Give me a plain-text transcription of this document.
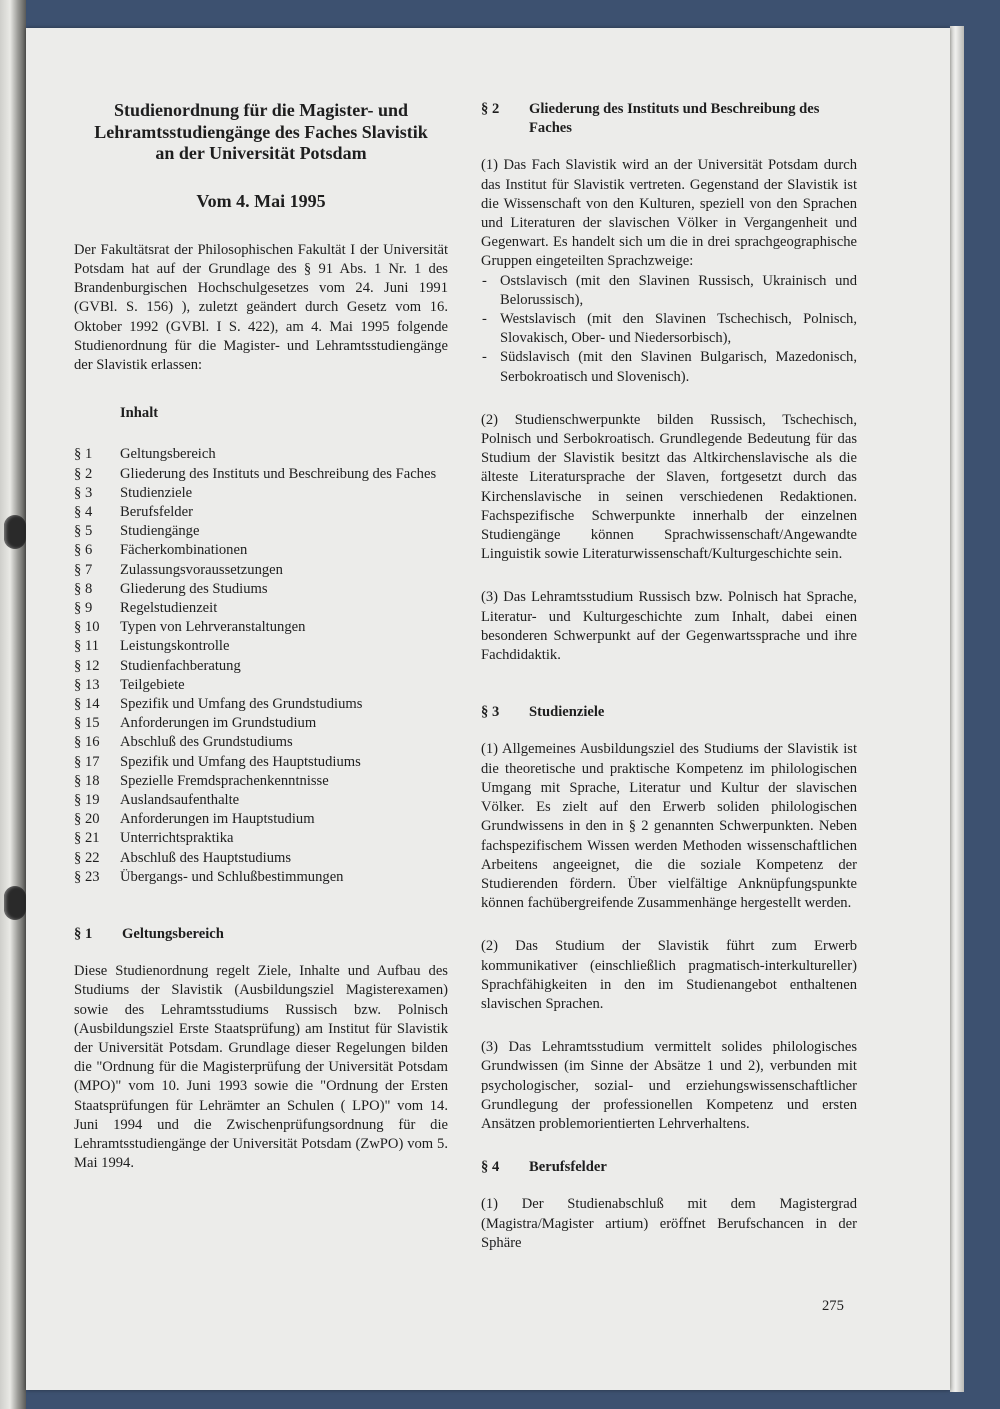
Studienordnung für die Magister- und
Lehramtsstudiengänge des Faches Slavistik
an der Universität Potsdam
Vom 4. Mai 1995

Der Fakultätsrat der Philosophischen Fakultät I der Universität Potsdam hat auf der Grundlage des § 91 Abs. 1 Nr. 1 des Brandenburgischen Hochschulgesetzes vom 24. Juni 1991 (GVBl. S. 156) ), zuletzt geändert durch Gesetz vom 16. Oktober 1992 (GVBl. I S. 422), am 4. Mai 1995 folgende Studienordnung für die Magister- und Lehramtsstudiengänge der Slavistik erlassen:

Inhalt
§ 1 Geltungsbereich
§ 2 Gliederung des Instituts und Beschreibung des Faches
§ 3 Studienziele
§ 4 Berufsfelder
§ 5 Studiengänge
§ 6 Fächerkombinationen
§ 7 Zulassungsvoraussetzungen
§ 8 Gliederung des Studiums
§ 9 Regelstudienzeit
§ 10 Typen von Lehrveranstaltungen
§ 11 Leistungskontrolle
§ 12 Studienfachberatung
§ 13 Teilgebiete
§ 14 Spezifik und Umfang des Grundstudiums
§ 15 Anforderungen im Grundstudium
§ 16 Abschluß des Grundstudiums
§ 17 Spezifik und Umfang des Hauptstudiums
§ 18 Spezielle Fremdsprachenkenntnisse
§ 19 Auslandsaufenthalte
§ 20 Anforderungen im Hauptstudium
§ 21 Unterrichtspraktika
§ 22 Abschluß des Hauptstudiums
§ 23 Übergangs- und Schlußbestimmungen
§ 1 Geltungsbereich

Diese Studienordnung regelt Ziele, Inhalte und Aufbau des Studiums der Slavistik (Ausbildungsziel Magisterexamen) sowie des Lehramtsstudiums Russisch bzw. Polnisch (Ausbildungsziel Erste Staatsprüfung) am Institut für Slavistik der Universität Potsdam. Grundlage dieser Regelungen bilden die "Ordnung für die Magisterprüfung der Universität Potsdam (MPO)" vom 10. Juni 1993 sowie die "Ordnung der Ersten Staatsprüfungen für Lehrämter an Schulen ( LPO)" vom 14. Juni 1994 und die Zwischenprüfungsordnung für die Lehramtsstudiengänge der Universität Potsdam (ZwPO) vom 5. Mai 1994.

§ 2 Gliederung des Instituts und Beschreibung des Faches

(1) Das Fach Slavistik wird an der Universität Potsdam durch das Institut für Slavistik vertreten. Gegenstand der Slavistik ist die Wissenschaft von den Kulturen, speziell von den Sprachen und Literaturen der slavischen Völker in Vergangenheit und Gegenwart. Es handelt sich um die in drei sprachgeographische Gruppen eingeteilten Sprachzweige:

- Ostslavisch (mit den Slavinen Russisch, Ukrainisch und Belorussisch),
- Westslavisch (mit den Slavinen Tschechisch, Polnisch, Slovakisch, Ober- und Niedersorbisch),
- Südslavisch (mit den Slavinen Bulgarisch, Mazedonisch, Serbokroatisch und Slovenisch).

(2) Studienschwerpunkte bilden Russisch, Tschechisch, Polnisch und Serbokroatisch. Grundlegende Bedeutung für das Studium der Slavistik besitzt das Altkirchenslavische als die älteste Literatursprache der Slaven, fortgesetzt durch das Kirchenslavische in seinen verschiedenen Redaktionen. Fachspezifische Schwerpunkte innerhalb der einzelnen Studiengänge können Sprachwissenschaft/Angewandte Linguistik sowie Literaturwissenschaft/Kulturgeschichte sein.

(3) Das Lehramtsstudium Russisch bzw. Polnisch hat Sprache, Literatur- und Kulturgeschichte zum Inhalt, dabei einen besonderen Schwerpunkt auf der Gegenwartssprache und ihre Fachdidaktik.

§ 3 Studienziele

(1) Allgemeines Ausbildungsziel des Studiums der Slavistik ist die theoretische und praktische Kompetenz im philologischen Umgang mit Sprache, Literatur und Kultur der slavischen Völker. Es zielt auf den Erwerb soliden philologischen Grundwissens in den in § 2 genannten Schwerpunkten. Neben fachspezifischem Wissen werden Methoden wissenschaftlichen Arbeitens angeeignet, die die soziale Kompetenz der Studierenden fördern. Über vielfältige Anknüpfungspunkte können fachübergreifende Zusammenhänge hergestellt werden.

(2) Das Studium der Slavistik führt zum Erwerb kommunikativer (einschließlich pragmatisch-interkultureller) Sprachfähigkeiten in den im Studienangebot enthaltenen slavischen Sprachen.

(3) Das Lehramtsstudium vermittelt solides philologisches Grundwissen (im Sinne der Absätze 1 und 2), verbunden mit psychologischer, sozial- und erziehungswissenschaftlicher Grundlegung der professionellen Kompetenz und ersten Ansätzen problemorientierten Lehrverhaltens.

§ 4 Berufsfelder

(1) Der Studienabschluß mit dem Magistergrad (Magistra/Magister artium) eröffnet Berufschancen in der Sphäre

275
